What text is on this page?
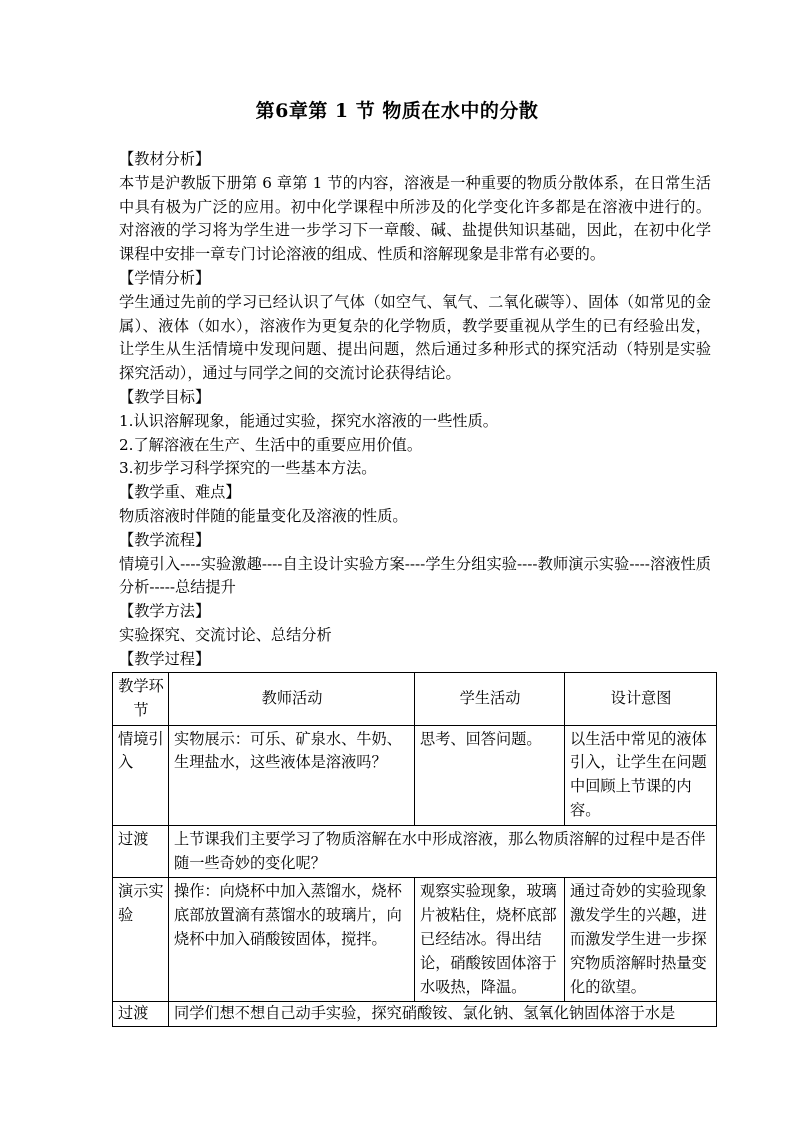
第6章第 1 节 物质在水中的分散

【教材分析】

本节是沪教版下册第 6 章第 1 节的内容，溶液是一种重要的物质分散体系，在日常生活中具有极为广泛的应用。初中化学课程中所涉及的化学变化许多都是在溶液中进行的。对溶液的学习将为学生进一步学习下一章酸、碱、盐提供知识基础，因此，在初中化学课程中安排一章专门讨论溶液的组成、性质和溶解现象是非常有必要的。

【学情分析】

学生通过先前的学习已经认识了气体（如空气、氧气、二氧化碳等）、固体（如常见的金属）、液体（如水），溶液作为更复杂的化学物质，教学要重视从学生的已有经验出发，让学生从生活情境中发现问题、提出问题，然后通过多种形式的探究活动（特别是实验探究活动），通过与同学之间的交流讨论获得结论。

【教学目标】

1.认识溶解现象，能通过实验，探究水溶液的一些性质。

2.了解溶液在生产、生活中的重要应用价值。

3.初步学习科学探究的一些基本方法。

【教学重、难点】

物质溶液时伴随的能量变化及溶液的性质。

【教学流程】

情境引入----实验激趣----自主设计实验方案----学生分组实验----教师演示实验----溶液性质分析-----总结提升

【教学方法】

实验探究、交流讨论、总结分析

【教学过程】

教学环节	教师活动	学生活动	设计意图
情境引入	实物展示：可乐、矿泉水、牛奶、生理盐水，这些液体是溶液吗？	思考、回答问题。	以生活中常见的液体引入，让学生在问题中回顾上节课的内容。
过渡	上节课我们主要学习了物质溶解在水中形成溶液，那么物质溶解的过程中是否伴随一些奇妙的变化呢？		
演示实验	操作：向烧杯中加入蒸馏水，烧杯底部放置滴有蒸馏水的玻璃片，向烧杯中加入硝酸铵固体，搅拌。	观察实验现象，玻璃片被粘住，烧杯底部已经结冰。得出结论，硝酸铵固体溶于水吸热，降温。	通过奇妙的实验现象激发学生的兴趣，进而激发学生进一步探究物质溶解时热量变化的欲望。
过渡	同学们想不想自己动手实验，探究硝酸铵、氯化钠、氢氧化钠固体溶于水是		
